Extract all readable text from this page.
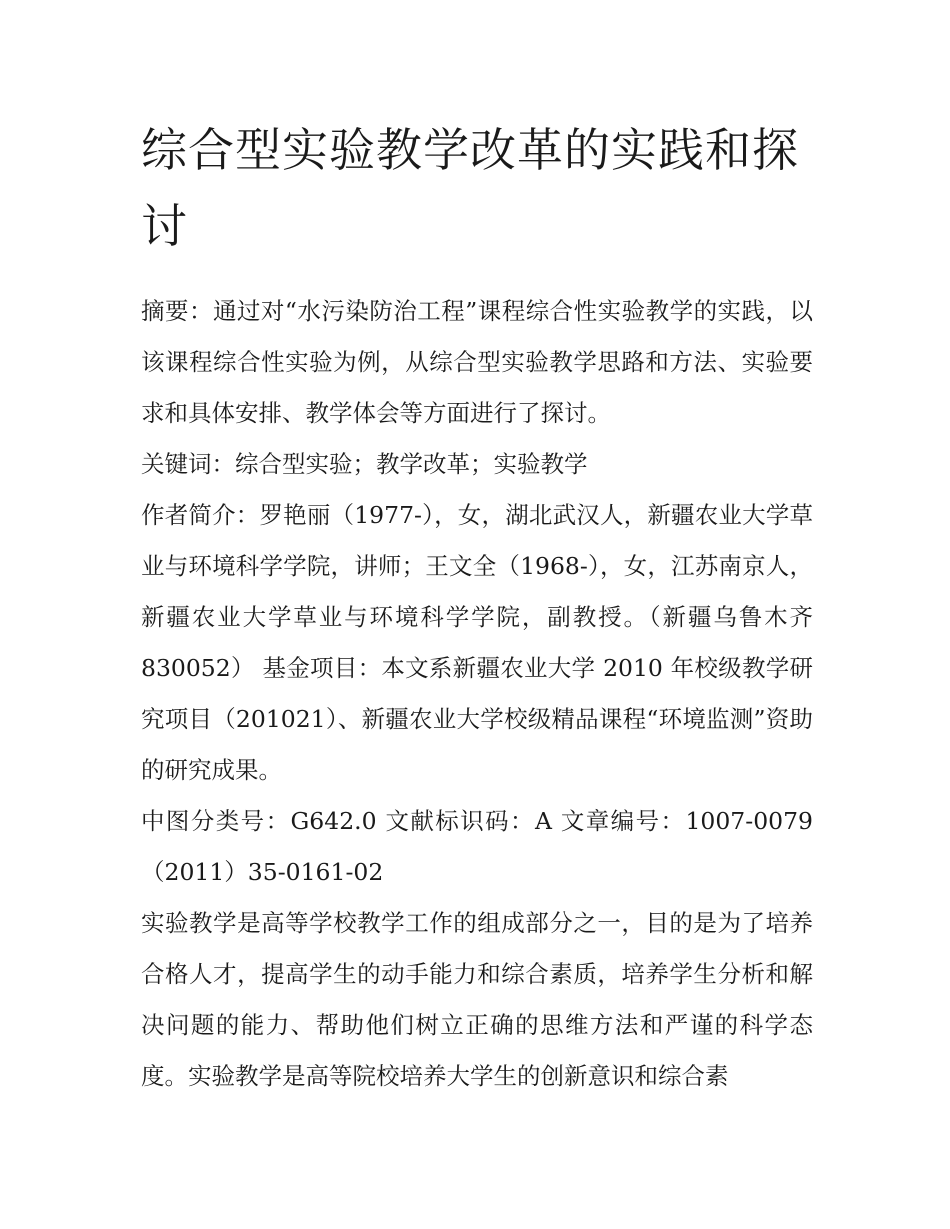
综合型实验教学改革的实践和探讨

摘要：通过对“水污染防治工程”课程综合性实验教学的实践，以该课程综合性实验为例，从综合型实验教学思路和方法、实验要求和具体安排、教学体会等方面进行了探讨。

关键词：综合型实验；教学改革；实验教学

作者简介：罗艳丽（1977-），女，湖北武汉人，新疆农业大学草业与环境科学学院，讲师；王文全（1968-），女，江苏南京人，新疆农业大学草业与环境科学学院，副教授。（新疆乌鲁木齐 830052） 基金项目：本文系新疆农业大学 2010 年校级教学研究项目（201021）、新疆农业大学校级精品课程“环境监测”资助的研究成果。

中图分类号：G642.0 文献标识码：A 文章编号：1007-0079（2011）35-0161-02

实验教学是高等学校教学工作的组成部分之一，目的是为了培养合格人才，提高学生的动手能力和综合素质，培养学生分析和解决问题的能力、帮助他们树立正确的思维方法和严谨的科学态度。实验教学是高等院校培养大学生的创新意识和综合素
